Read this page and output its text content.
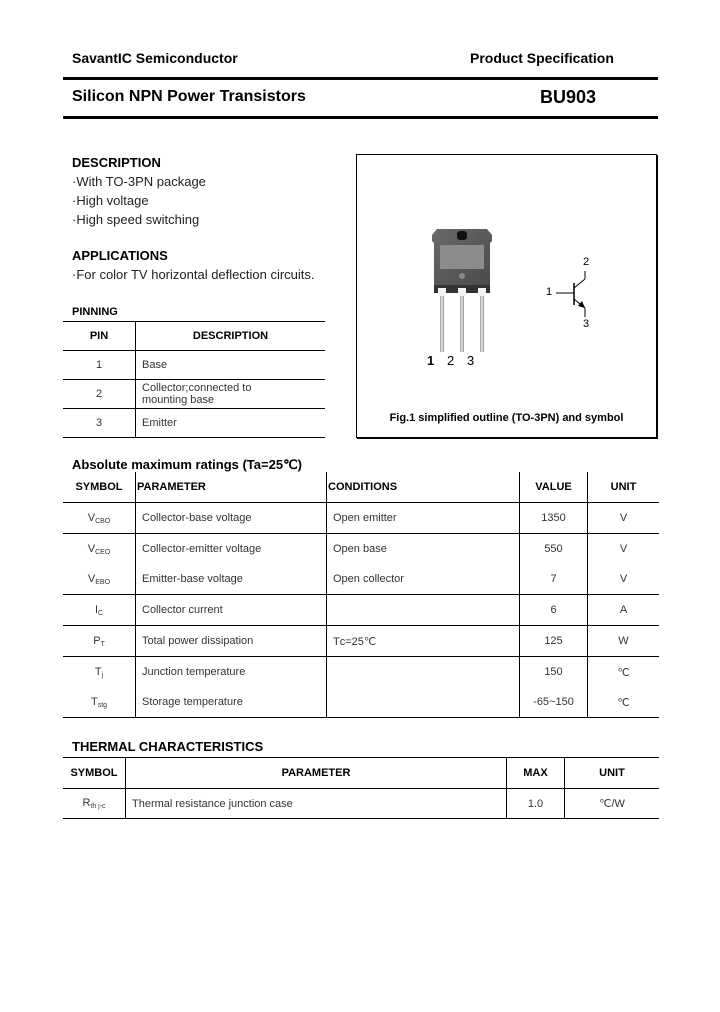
SavantIC Semiconductor	Product Specification
Silicon NPN Power Transistors	BU903
DESCRIPTION
·With TO-3PN package
·High voltage
·High speed switching
APPLICATIONS
·For color TV horizontal deflection circuits.
PINNING
PIN	DESCRIPTION
1	Base
2	Collector;connected to mounting base
3	Emitter
1 2 3
1
2
3
Fig.1 simplified outline (TO-3PN) and symbol
Absolute maximum ratings (Ta=25℃)
SYMBOL	PARAMETER	CONDITIONS	VALUE	UNIT
$V_{CBO}$	Collector-base voltage	Open emitter	1350	V
$V_{CEO}$	Collector-emitter voltage	Open base	550	V
$V_{EBO}$	Emitter-base voltage	Open collector	7	V
$I_C$	Collector current		6	A
$P_T$	Total power dissipation	Tᴄ=25℃	125	W
$T_j$	Junction temperature		150	℃
$T_{stg}$	Storage temperature		-65~150	℃
THERMAL CHARACTERISTICS
SYMBOL	PARAMETER	MAX	UNIT
$R_{th j-c}$	Thermal resistance junction case	1.0	℃/W
